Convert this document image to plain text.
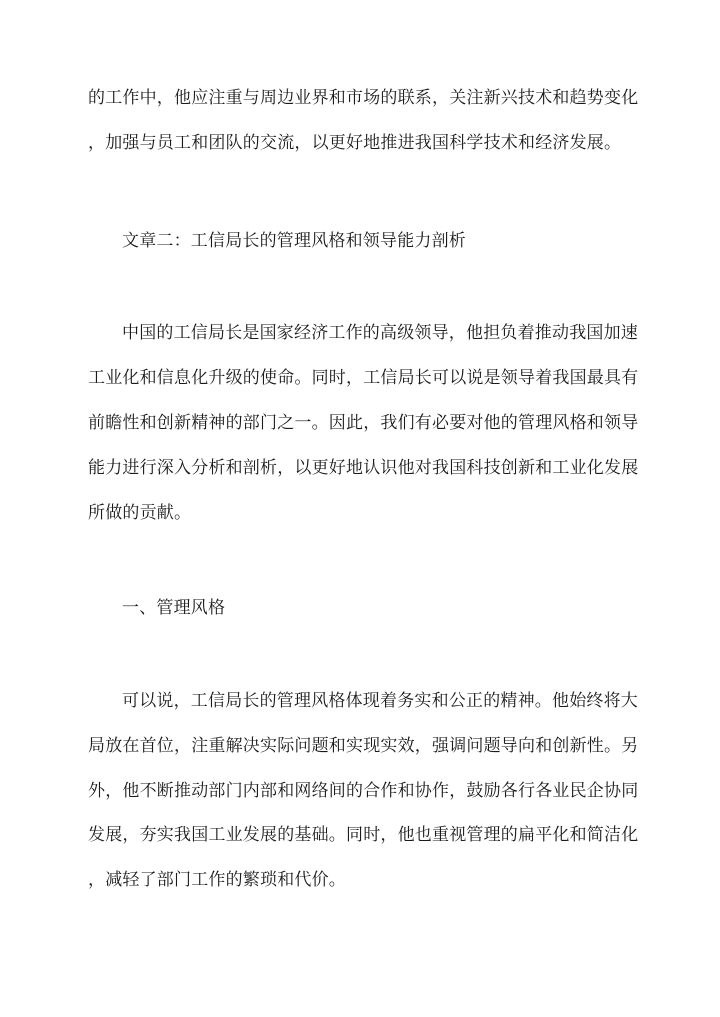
的工作中，他应注重与周边业界和市场的联系，关注新兴技术和趋势变化
，加强与员工和团队的交流，以更好地推进我国科学技术和经济发展。
文章二：工信局长的管理风格和领导能力剖析
中国的工信局长是国家经济工作的高级领导，他担负着推动我国加速
工业化和信息化升级的使命。同时，工信局长可以说是领导着我国最具有
前瞻性和创新精神的部门之一。因此，我们有必要对他的管理风格和领导
能力进行深入分析和剖析，以更好地认识他对我国科技创新和工业化发展
所做的贡献。
一、管理风格
可以说，工信局长的管理风格体现着务实和公正的精神。他始终将大
局放在首位，注重解决实际问题和实现实效，强调问题导向和创新性。另
外，他不断推动部门内部和网络间的合作和协作，鼓励各行各业民企协同
发展，夯实我国工业发展的基础。同时，他也重视管理的扁平化和简洁化
，减轻了部门工作的繁琐和代价。
